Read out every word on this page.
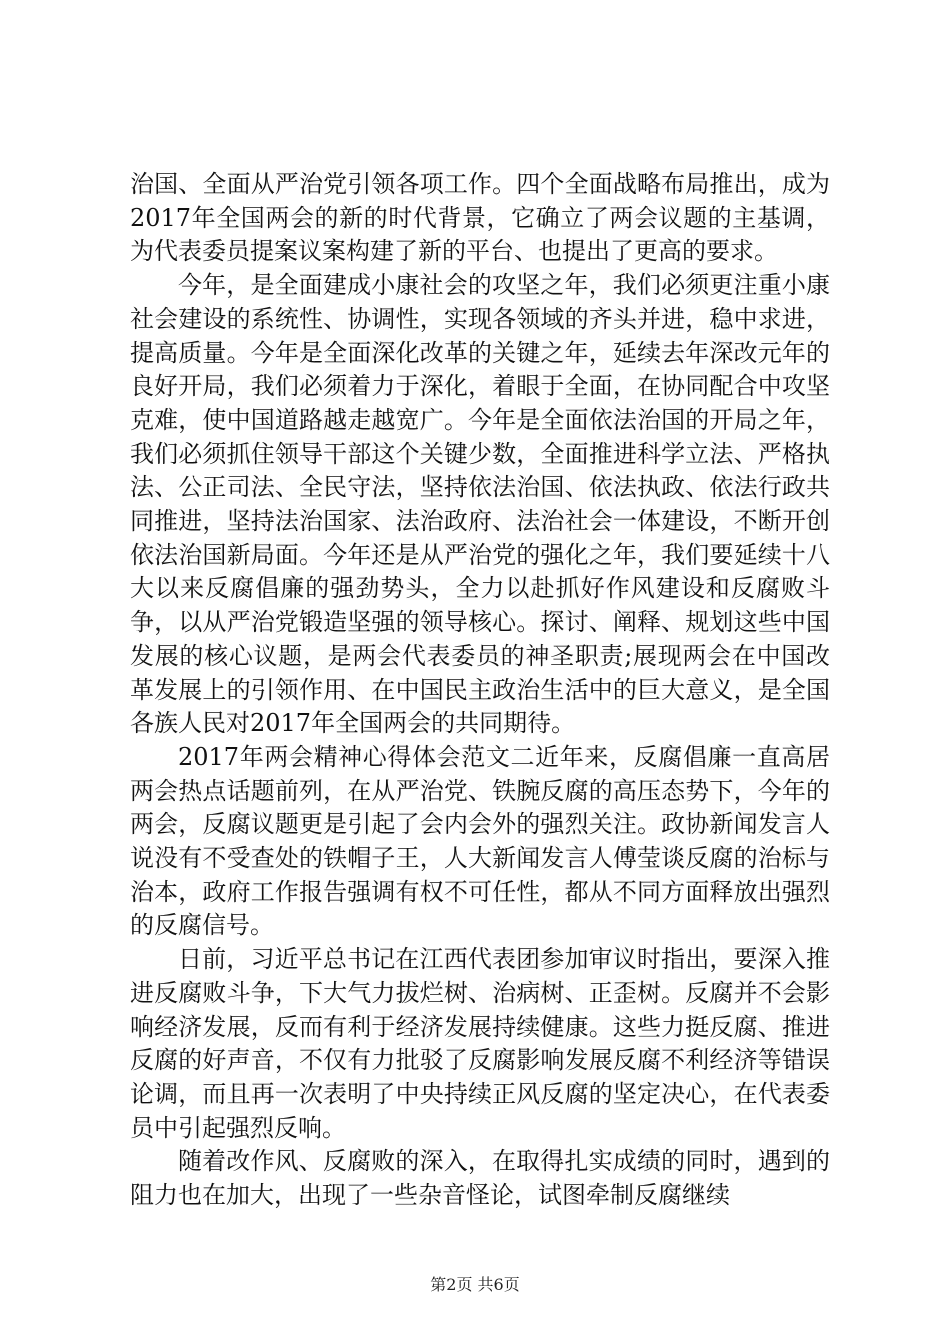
治国、全面从严治党引领各项工作。四个全面战略布局推出，成为2017年全国两会的新的时代背景，它确立了两会议题的主基调，为代表委员提案议案构建了新的平台、也提出了更高的要求。

今年，是全面建成小康社会的攻坚之年，我们必须更注重小康社会建设的系统性、协调性，实现各领域的齐头并进，稳中求进，提高质量。今年是全面深化改革的关键之年，延续去年深改元年的良好开局，我们必须着力于深化，着眼于全面，在协同配合中攻坚克难，使中国道路越走越宽广。今年是全面依法治国的开局之年，我们必须抓住领导干部这个关键少数，全面推进科学立法、严格执法、公正司法、全民守法，坚持依法治国、依法执政、依法行政共同推进，坚持法治国家、法治政府、法治社会一体建设，不断开创依法治国新局面。今年还是从严治党的强化之年，我们要延续十八大以来反腐倡廉的强劲势头，全力以赴抓好作风建设和反腐败斗争，以从严治党锻造坚强的领导核心。探讨、阐释、规划这些中国发展的核心议题，是两会代表委员的神圣职责;展现两会在中国改革发展上的引领作用、在中国民主政治生活中的巨大意义，是全国各族人民对2017年全国两会的共同期待。

2017年两会精神心得体会范文二近年来，反腐倡廉一直高居两会热点话题前列，在从严治党、铁腕反腐的高压态势下，今年的两会，反腐议题更是引起了会内会外的强烈关注。政协新闻发言人说没有不受查处的铁帽子王，人大新闻发言人傅莹谈反腐的治标与治本，政府工作报告强调有权不可任性，都从不同方面释放出强烈的反腐信号。

日前，习近平总书记在江西代表团参加审议时指出，要深入推进反腐败斗争，下大气力拔烂树、治病树、正歪树。反腐并不会影响经济发展，反而有利于经济发展持续健康。这些力挺反腐、推进反腐的好声音，不仅有力批驳了反腐影响发展反腐不利经济等错误论调，而且再一次表明了中央持续正风反腐的坚定决心，在代表委员中引起强烈反响。

随着改作风、反腐败的深入，在取得扎实成绩的同时，遇到的阻力也在加大，出现了一些杂音怪论，试图牵制反腐继续

第2页 共6页
